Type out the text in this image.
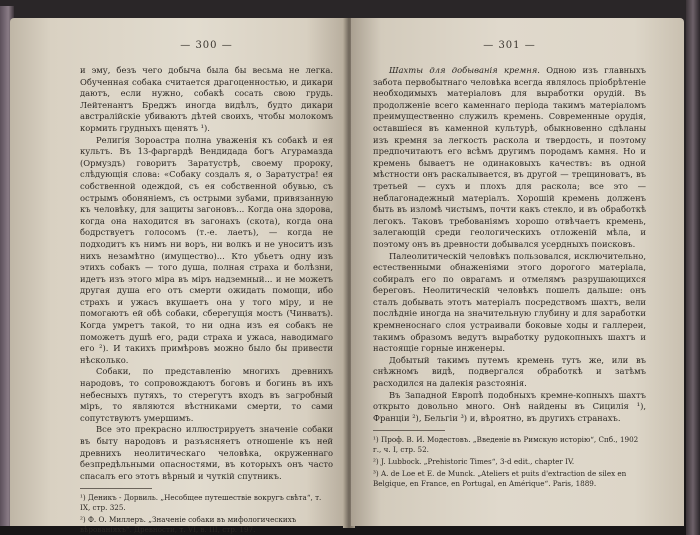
— 300 —

и эму, безъ чего добыча была бы весьма не легка. Обученная собака считается драгоценностью, и дикари даютъ, если нужно, собакѣ сосать свою грудь. Лейтенантъ Бреджъ иногда видѣлъ, будто дикари австралійскіе убиваютъ дѣтей своихъ, чтобы молокомъ кормить грудныхъ щенятъ ¹).

Религія Зороастра полна уваженія къ собакѣ и ея культъ. Въ 13-фаргардѣ Вендидада богъ Агурамазда (Ормуздъ) говоритъ Заратустрѣ, своему пророку, слѣдующія слова: «Собаку создалъ я, о Заратустра! ея собственной одеждой, съ ея собственной обувью, съ острымъ обоняніемъ, съ острыми зубами, привязанную къ человѣку, для защиты загоновъ... Когда она здорова, когда она находится въ загонахъ (скота), когда она бодрствуетъ голосомъ (т.-е. лаетъ), — когда не подходитъ къ нимъ ни воръ, ни волкъ и не уноситъ изъ нихъ незамѣтно (имущество)... Кто убьетъ одну изъ этихъ собакъ — того душа, полная страха и болѣзни, идетъ изъ этого міра въ міръ надземный... и не можетъ другая душа его отъ смерти ожидать помощи, ибо страхъ и ужасъ вкушаетъ она у того міру, и не помогаютъ ей обѣ собаки, сберегущія мостъ (Чинватъ). Когда умретъ такой, то ни одна изъ ея собакъ не поможетъ душѣ его, ради страха и ужаса, наводимаго его ²). И такихъ примѣровъ можно было бы привести нѣсколько.

Собаки, по представленію многихъ древнихъ народовъ, то сопровождаютъ боговъ и богинь въ ихъ небесныхъ путяхъ, то стерегутъ входъ въ загробный міръ, то являются вѣстниками смерти, то сами сопутствуютъ умершимъ.

Все это прекрасно иллюстрируетъ значеніе собаки въ быту народовъ и разъясняетъ отношеніе къ ней древнихъ неолитическаго человѣка, окруженнаго безпредѣльными опасностями, въ которыхъ онъ часто спасалъ его этотъ вѣрный и чуткій спутникъ.

¹) Деникъ - Дорвиль. „Несобщее путешествіе вокругъ свѣта“, т. IX, стр. 325.

²) Ф. О. Миллеръ. „Значеніе собаки въ мифологическихъ вѣрованіяхъ“. Древности, т. VI, в. III, стр. 197.

— 301 —

Шахты для добыванія кремня. Одною изъ главныхъ забота первобытнаго человѣка всегда являлось пріобрѣтеніе необходимыхъ матеріаловъ для выработки орудій. Въ продолженіе всего каменнаго періода такимъ матеріаломъ преимущественно служилъ кремень. Современные орудія, оставшіеся въ каменной культурѣ, обыкновенно сдѣланы изъ кремня за легкость раскола и твердость, и поэтому предпочитаютъ его всѣмъ другимъ породамъ камня. Но и кремень бываетъ не одинаковыхъ качествъ: въ одной мѣстности онъ раскалывается, въ другой — трещиноватъ, въ третьей — сухъ и плохъ для раскола; все это — неблагонадежный матеріалъ. Хорошій кремень долженъ быть въ изломѣ чистымъ, почти какъ стекло, и въ обработкѣ легокъ. Таковъ требованіямъ хорошо отвѣчаетъ кремень, залегающій среди геологическихъ отложеній мѣла, и поэтому онъ въ древности добывался усердныхъ поисковъ.

Палеолитическій человѣкъ пользовался, исключительно, естественными обнаженіями этого дорогого матеріала, собиралъ его по оврагамъ и отмелямъ разрушающихся береговъ. Неолитическій человѣкъ пошелъ дальше: онъ сталъ добывать этотъ матеріалъ посредствомъ шахтъ, вели послѣдніе иногда на значительную глубину и для заработки кремненоснаго слоя устраивали боковые ходы и галлереи, такимъ образомъ ведутъ выработку рудокопныхъ шахтъ и настоящіе горные инженеры.

Добытый такимъ путемъ кремень тутъ же, или въ снѣжномъ видѣ, подвергался обработкѣ и затѣмъ расходился на далекія разстоянія.

Въ Западной Европѣ подобныхъ кремне-копныхъ шахтъ открыто довольно много. Онѣ найдены въ Сицилія ¹), Франціи ²), Бельгіи ³) и, вѣроятно, въ другихъ странахъ.

¹) Проф. В. И. Модестовъ. „Введеніе въ Римскую исторію“, Спб., 1902 г., ч. I, стр. 52.

²) J. Lubbock. „Prehistoric Times“, 3-d edit., chapter IV.

³) A. de Loe et E. de Munck. „Ateliers et puits d'extraction de silex en Belgique, en France, en Portugal, en Amérique“. Paris, 1889.
